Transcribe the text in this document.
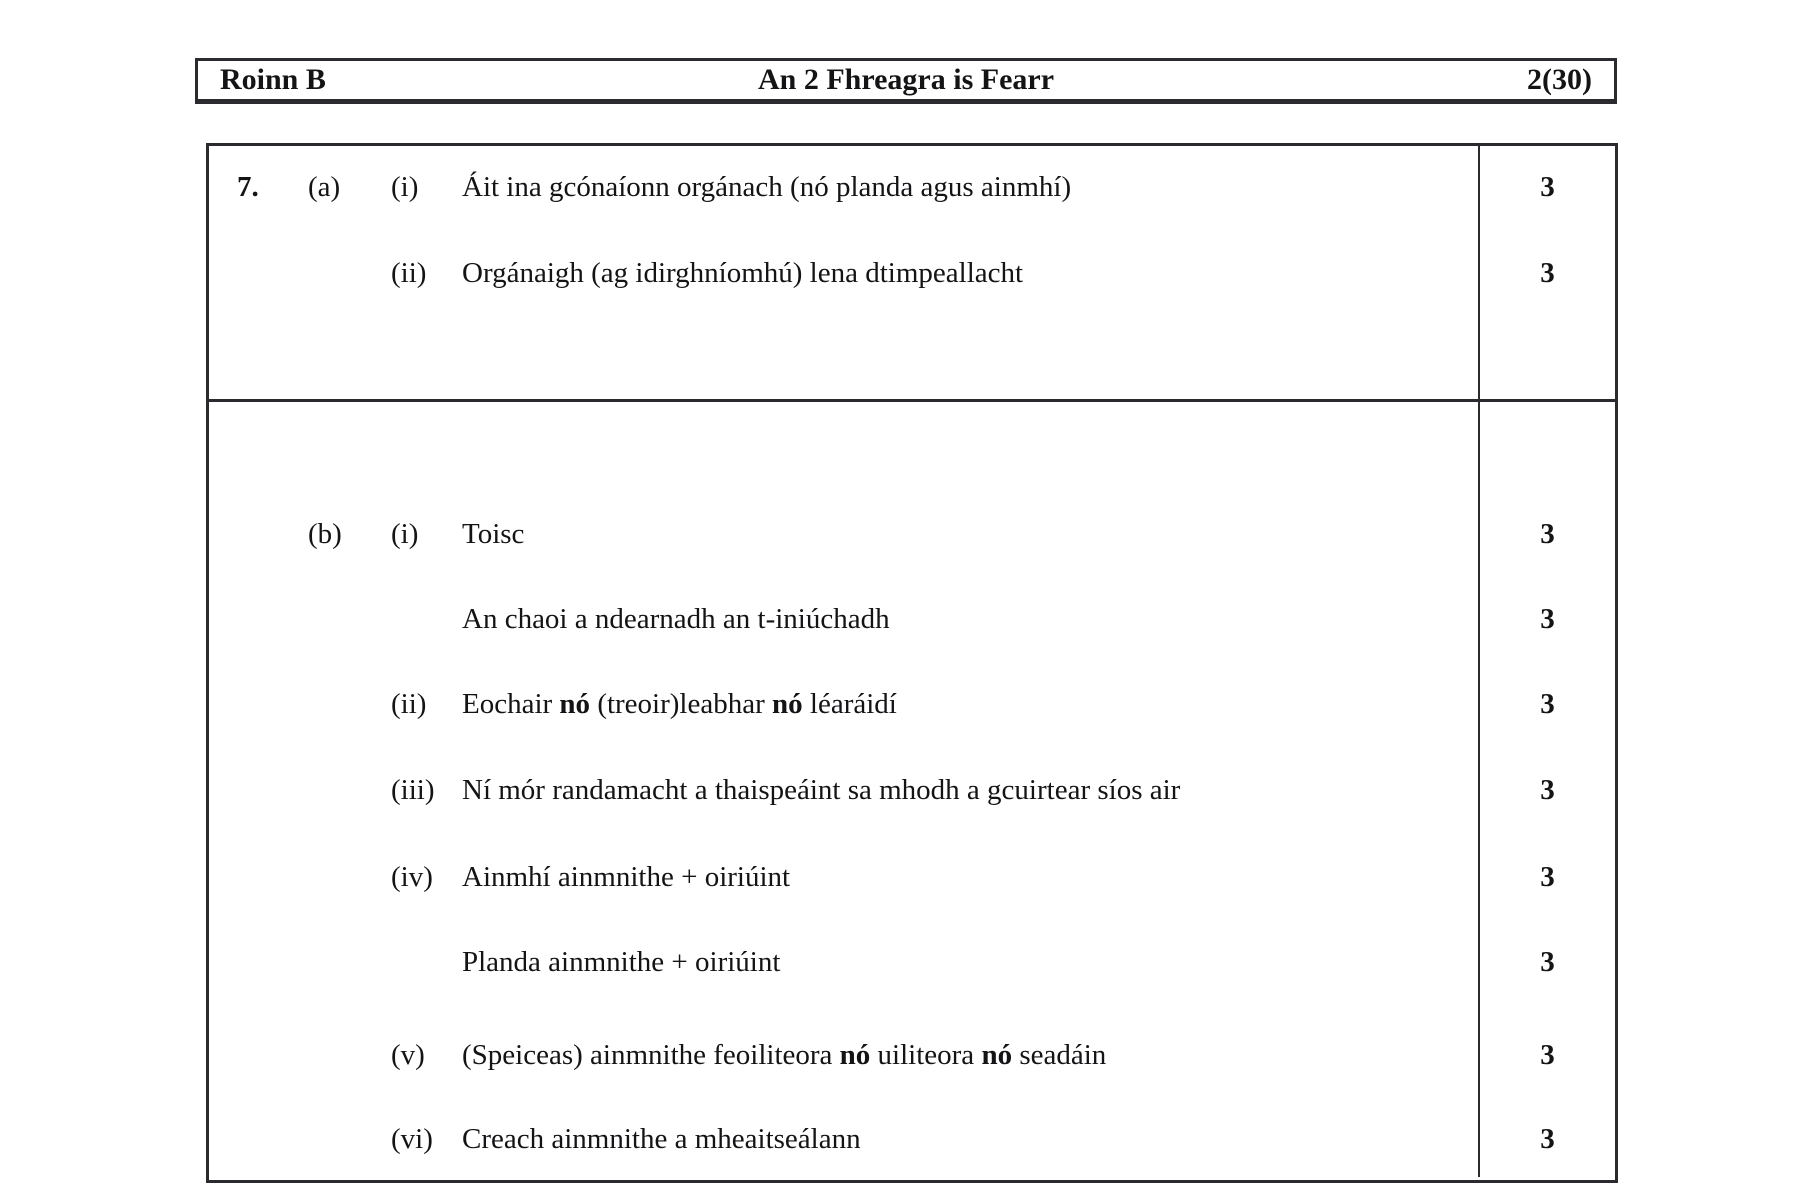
Roinn B	An 2 Fhreagra is Fearr	2(30)
7.	(a)	(i)	Áit ina gcónaíonn orgánach (nó planda agus ainmhí)	3
(ii)	Orgánaigh (ag idirghníomhú) lena dtimpeallacht	3
(b)	(i)	Toisc	3
An chaoi a ndearnadh an t-iniúchadh	3
(ii)	Eochair nó (treoir)leabhar nó léaráidí	3
(iii) Ní mór randamacht a thaispeáint sa mhodh a gcuirtear síos air	3
(iv)	Ainmhí ainmnithe + oiriúint	3
Planda ainmnithe + oiriúint	3
(v)	(Speiceas) ainmnithe feoiliteora nó uiliteora nó seadáin	3
(vi)	Creach ainmnithe a mheaitseálann	3
